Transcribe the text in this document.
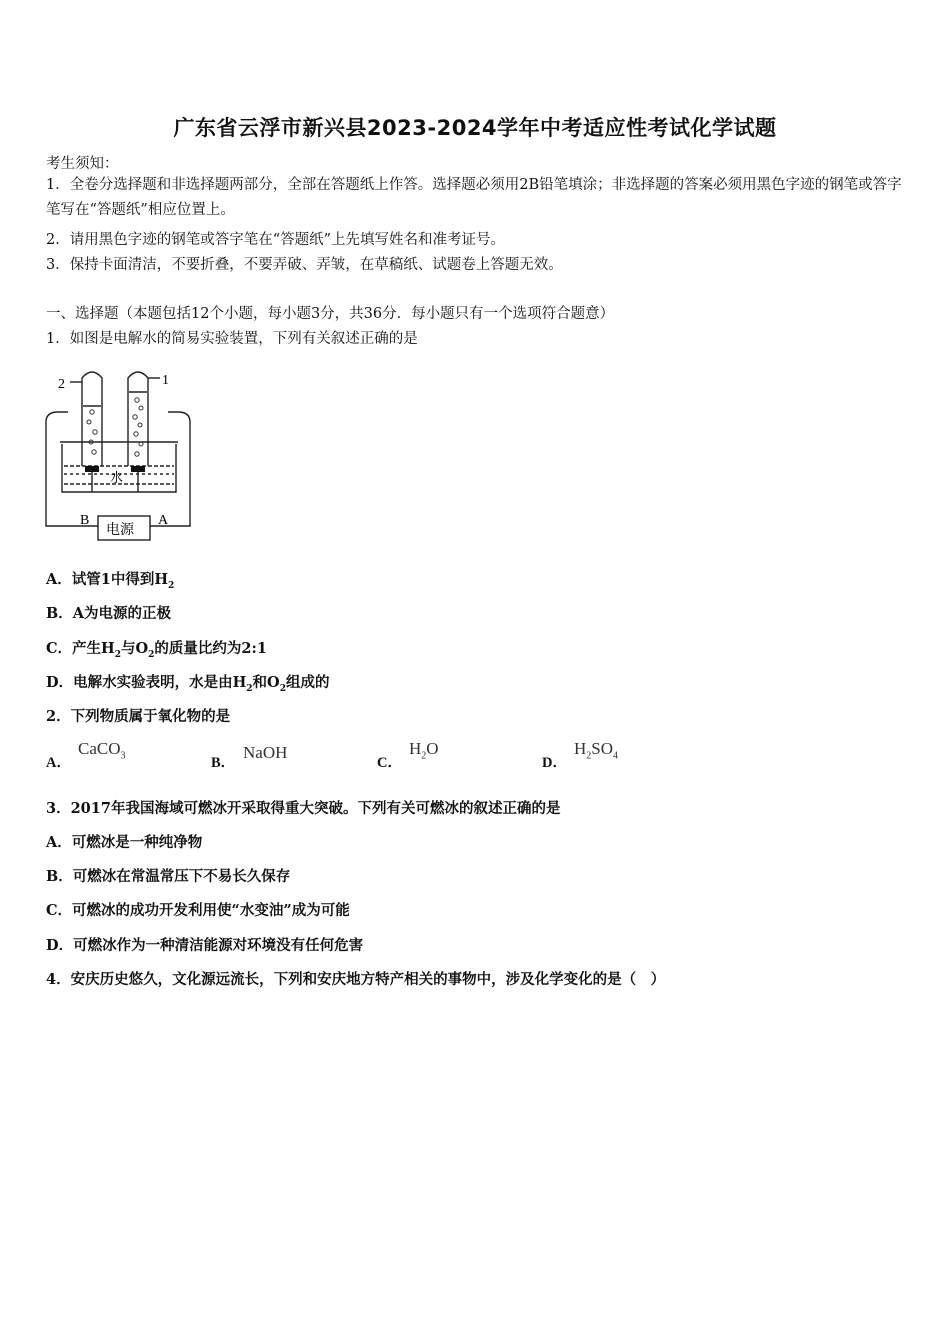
广东省云浮市新兴县2023-2024学年中考适应性考试化学试题
考生须知：
1．全卷分选择题和非选择题两部分，全部在答题纸上作答。选择题必须用2B铅笔填涂；非选择题的答案必须用黑色字迹的钢笔或答字笔写在“答题纸”相应位置上。
2．请用黑色字迹的钢笔或答字笔在“答题纸”上先填写姓名和准考证号。
3．保持卡面清洁，不要折叠，不要弄破、弄皱，在草稿纸、试题卷上答题无效。
一、选择题（本题包括12个小题，每小题3分，共36分．每小题只有一个选项符合题意）
1．如图是电解水的简易实验装置，下列有关叙述正确的是
2	1
水
B	A
电源
A．试管1中得到$H_2$
B．A为电源的正极
C．产生$H_2$与$O_2$的质量比约为2:1
D．电解水实验表明，水是由$H_2$和$O_2$组成的
2．下列物质属于氧化物的是
A．
CaCO$_3$	B．
NaOH
C．
$H_2O$
D．
$H_2SO_4$
3．2017年我国海域可燃冰开采取得重大突破。下列有关可燃冰的叙述正确的是
A．可燃冰是一种纯净物
B．可燃冰在常温常压下不易长久保存
C．可燃冰的成功开发利用使“水变油”成为可能
D．可燃冰作为一种清洁能源对环境没有任何危害
4．安庆历史悠久，文化源远流长，下列和安庆地方特产相关的事物中，涉及化学变化的是（　）
